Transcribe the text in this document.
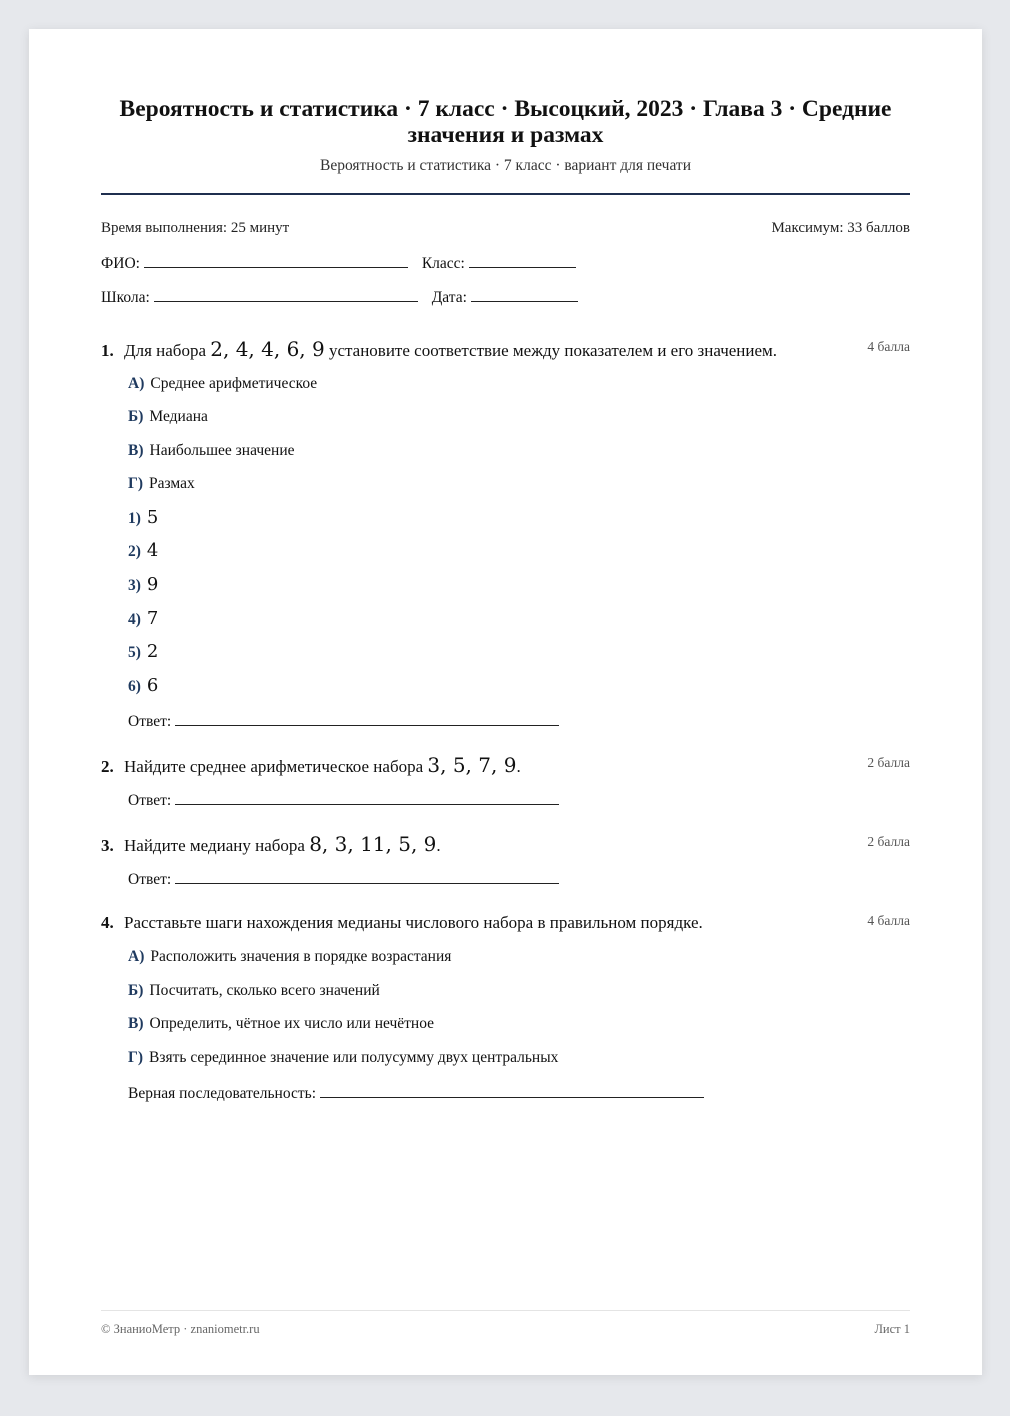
Вероятность и статистика · 7 класс · Высоцкий, 2023 · Глава 3 · Средние значения и размах
Вероятность и статистика · 7 класс · вариант для печати
Время выполнения: 25 минут	Максимум: 33 баллов
ФИО:	Класс:
Школа:	Дата:
1. Для набора 2, 4, 4, 6, 9 установите соответствие между показателем и его значением.	4 балла
А) Среднее арифметическое
Б) Медиана
В) Наибольшее значение
Г) Размах
1) 5
2) 4
3) 9
4) 7
5) 2
6) 6
Ответ:
2. Найдите среднее арифметическое набора 3, 5, 7, 9.	2 балла
Ответ:
3. Найдите медиану набора 8, 3, 11, 5, 9.	2 балла
Ответ:
4. Расставьте шаги нахождения медианы числового набора в правильном порядке.	4 балла
А) Расположить значения в порядке возрастания
Б) Посчитать, сколько всего значений
В) Определить, чётное их число или нечётное
Г) Взять серединное значение или полусумму двух центральных
Верная последовательность:
© ЗнаниоМетр · znaniometr.ru	Лист 1
